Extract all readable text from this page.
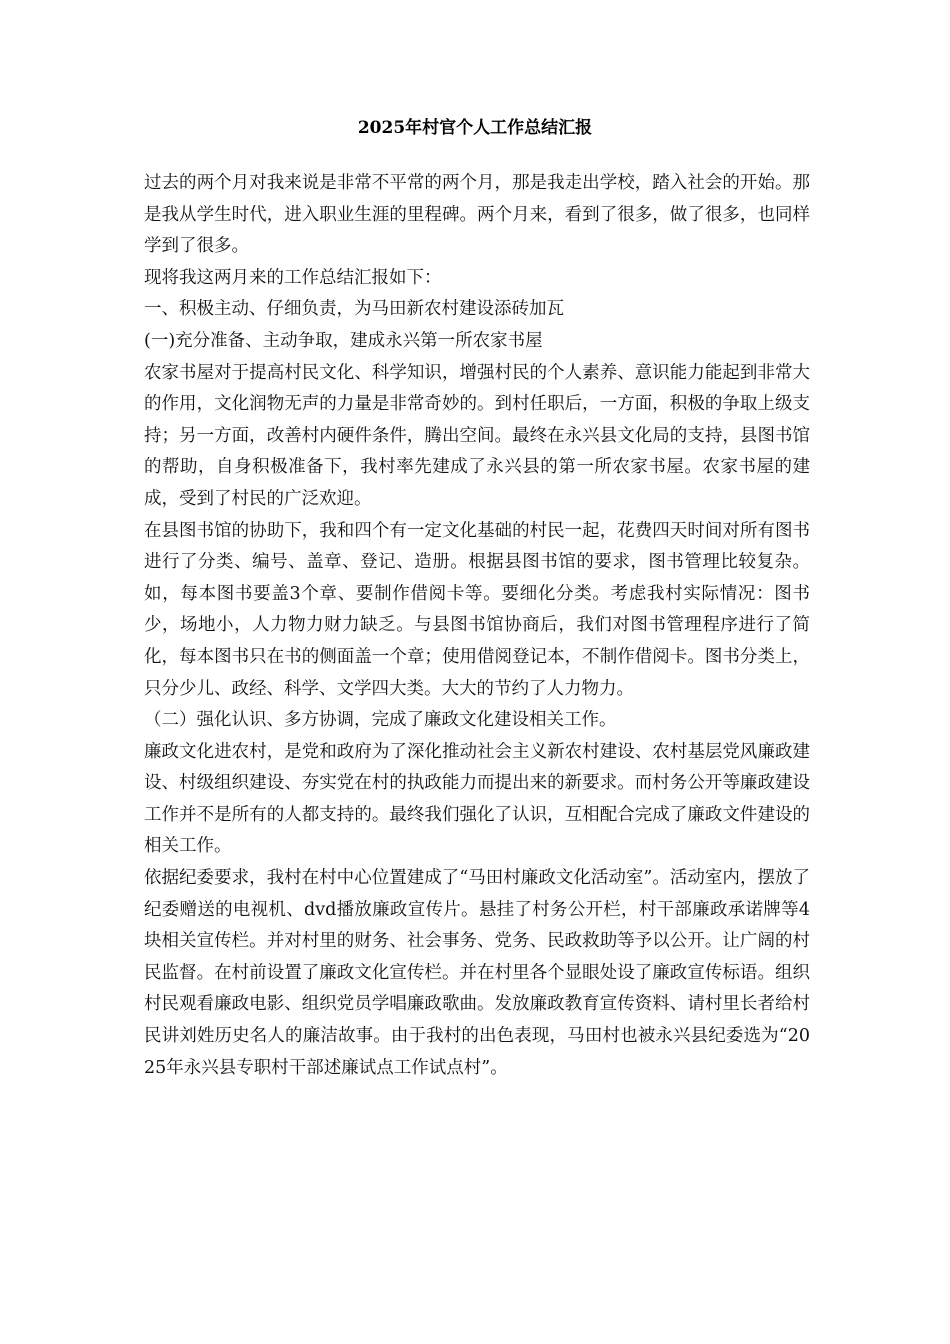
2025年村官个人工作总结汇报

过去的两个月对我来说是非常不平常的两个月，那是我走出学校，踏入社会的开始。那是我从学生时代，进入职业生涯的里程碑。两个月来，看到了很多，做了很多，也同样学到了很多。

现将我这两月来的工作总结汇报如下：

一、积极主动、仔细负责，为马田新农村建设添砖加瓦

(一)充分准备、主动争取，建成永兴第一所农家书屋

农家书屋对于提高村民文化、科学知识，增强村民的个人素养、意识能力能起到非常大的作用，文化润物无声的力量是非常奇妙的。到村任职后，一方面，积极的争取上级支持；另一方面，改善村内硬件条件，腾出空间。最终在永兴县文化局的支持，县图书馆的帮助，自身积极准备下，我村率先建成了永兴县的第一所农家书屋。农家书屋的建成，受到了村民的广泛欢迎。

在县图书馆的协助下，我和四个有一定文化基础的村民一起，花费四天时间对所有图书进行了分类、编号、盖章、登记、造册。根据县图书馆的要求，图书管理比较复杂。如，每本图书要盖3个章、要制作借阅卡等。要细化分类。考虑我村实际情况：图书少，场地小，人力物力财力缺乏。与县图书馆协商后，我们对图书管理程序进行了简化，每本图书只在书的侧面盖一个章；使用借阅登记本，不制作借阅卡。图书分类上，只分少儿、政经、科学、文学四大类。大大的节约了人力物力。

（二）强化认识、多方协调，完成了廉政文化建设相关工作。

廉政文化进农村，是党和政府为了深化推动社会主义新农村建设、农村基层党风廉政建设、村级组织建设、夯实党在村的执政能力而提出来的新要求。而村务公开等廉政建设工作并不是所有的人都支持的。最终我们强化了认识，互相配合完成了廉政文件建设的相关工作。

依据纪委要求，我村在村中心位置建成了“马田村廉政文化活动室”。活动室内，摆放了纪委赠送的电视机、dvd播放廉政宣传片。悬挂了村务公开栏，村干部廉政承诺牌等4块相关宣传栏。并对村里的财务、社会事务、党务、民政救助等予以公开。让广阔的村民监督。在村前设置了廉政文化宣传栏。并在村里各个显眼处设了廉政宣传标语。组织村民观看廉政电影、组织党员学唱廉政歌曲。发放廉政教育宣传资料、请村里长者给村民讲刘姓历史名人的廉洁故事。由于我村的出色表现，马田村也被永兴县纪委选为“2025年永兴县专职村干部述廉试点工作试点村”。
